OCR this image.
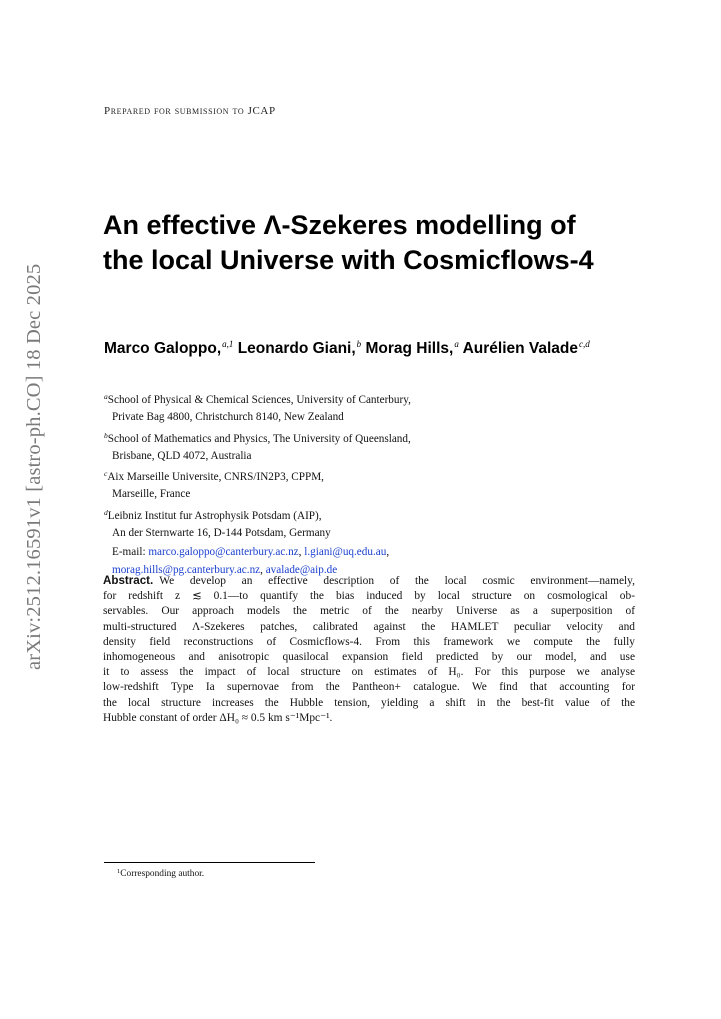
arXiv:2512.16591v1 [astro-ph.CO] 18 Dec 2025
Prepared for submission to JCAP
An effective Λ-Szekeres modelling of
the local Universe with Cosmicflows-4
Marco Galoppo,$^{a,1}$ Leonardo Giani,$^b$ Morag Hills,$^a$ Aurélien Valade$^{c,d}$
$^a$School of Physical & Chemical Sciences, University of Canterbury,
Private Bag 4800, Christchurch 8140, New Zealand
$^b$School of Mathematics and Physics, The University of Queensland,
Brisbane, QLD 4072, Australia
$^c$Aix Marseille Universite, CNRS/IN2P3, CPPM,
Marseille, France
$^d$Leibniz Institut fur Astrophysik Potsdam (AIP),
An der Sternwarte 16, D-144 Potsdam, Germany
E-mail: marco.galoppo@canterbury.ac.nz, l.giani@uq.edu.au,
morag.hills@pg.canterbury.ac.nz, avalade@aip.de
Abstract. We develop an effective description of the local cosmic environment—namely,
for redshift z ≲ 0.1—to quantify the bias induced by local structure on cosmological ob-
servables. Our approach models the metric of the nearby Universe as a superposition of
multi-structured Λ-Szekeres patches, calibrated against the HAMLET peculiar velocity and
density field reconstructions of Cosmicflows-4. From this framework we compute the fully
inhomogeneous and anisotropic quasilocal expansion field predicted by our model, and use
it to assess the impact of local structure on estimates of H₀. For this purpose we analyse
low-redshift Type Ia supernovae from the Pantheon+ catalogue. We find that accounting for
the local structure increases the Hubble tension, yielding a shift in the best-fit value of the
Hubble constant of order ΔH₀ ≈ 0.5 km s⁻¹Mpc⁻¹.
$^1$Corresponding author.
